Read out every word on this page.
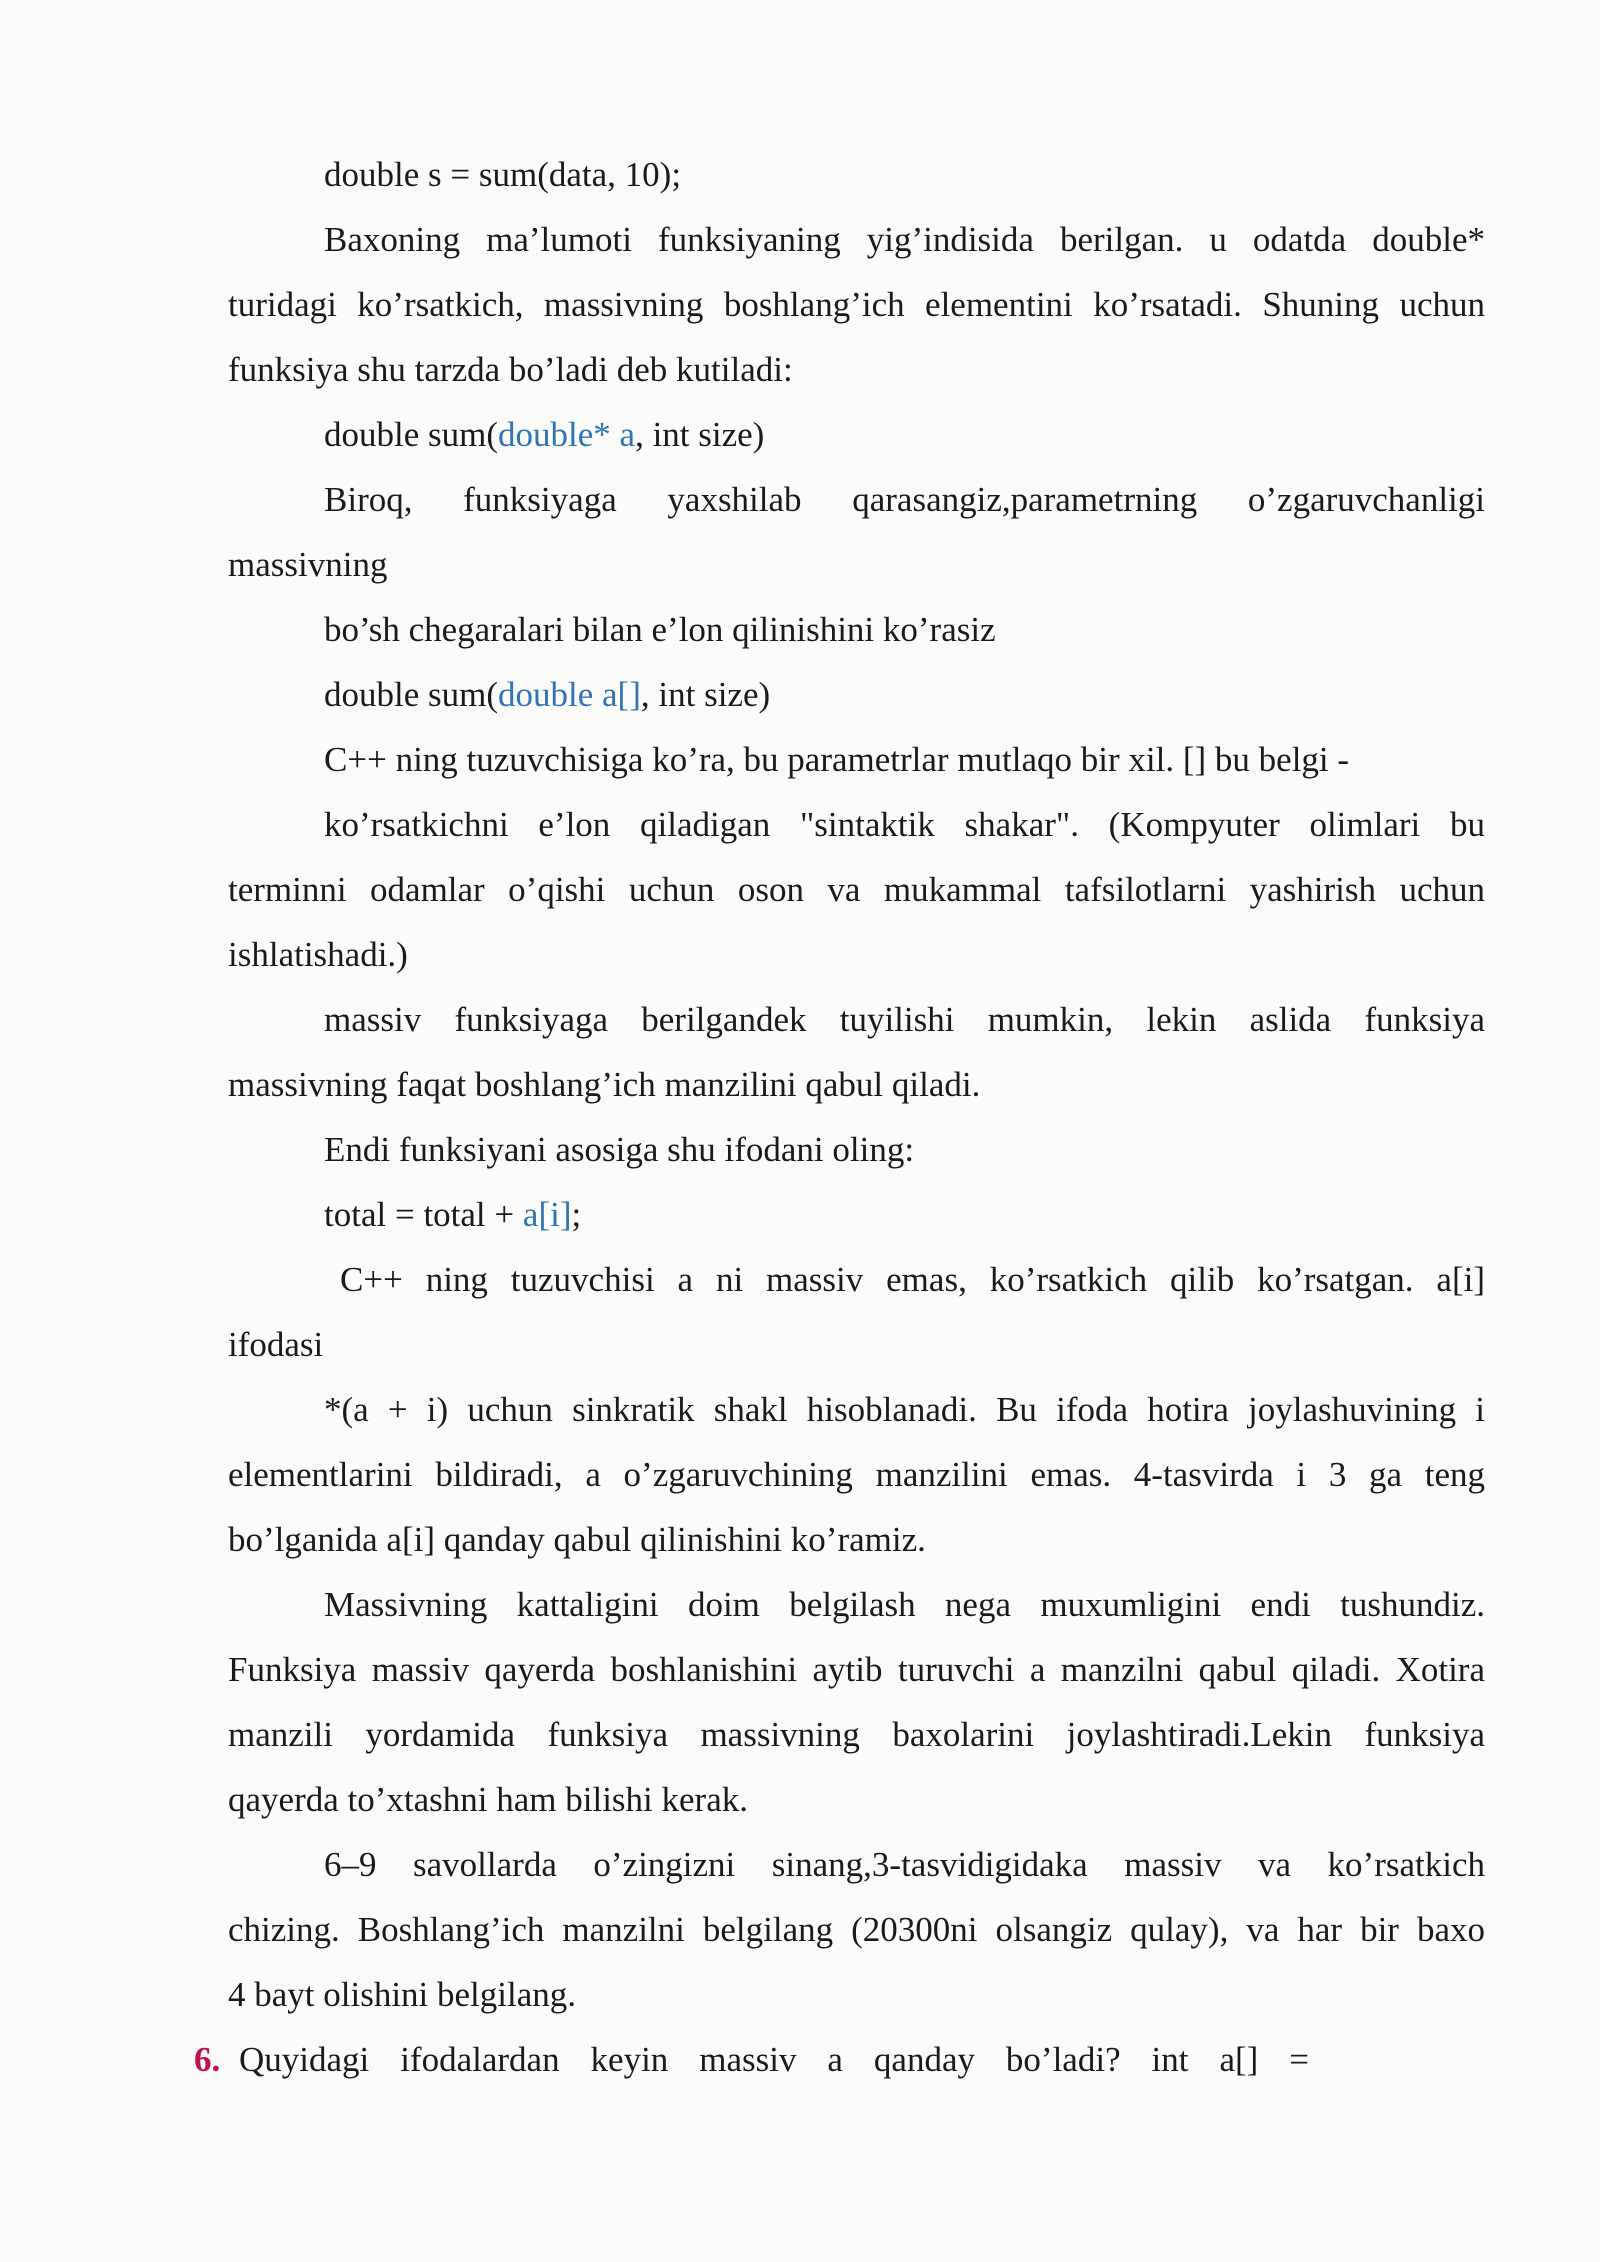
double s = sum(data, 10);
Baxoning ma’lumoti funksiyaning yig’indisida berilgan. u odatda double*
turidagi ko’rsatkich, massivning boshlang’ich elementini ko’rsatadi. Shuning uchun
funksiya shu tarzda bo’ladi deb kutiladi:
double sum(double* a, int size)
Biroq, funksiyaga yaxshilab qarasangiz,parametrning o’zgaruvchanligi
massivning
bo’sh chegaralari bilan e’lon qilinishini ko’rasiz
double sum(double a[], int size)
C++ ning tuzuvchisiga ko’ra, bu parametrlar mutlaqo bir xil. [] bu belgi -
ko’rsatkichni e’lon qiladigan "sintaktik shakar". (Kompyuter olimlari bu
terminni odamlar o’qishi uchun oson va mukammal tafsilotlarni yashirish uchun
ishlatishadi.)
massiv funksiyaga berilgandek tuyilishi mumkin, lekin aslida funksiya
massivning faqat boshlang’ich manzilini qabul qiladi.
Endi funksiyani asosiga shu ifodani oling:
total = total + a[i];
C++ ning tuzuvchisi a ni massiv emas, ko’rsatkich qilib ko’rsatgan. a[i]
ifodasi
*(a + i) uchun sinkratik shakl hisoblanadi. Bu ifoda hotira joylashuvining i
elementlarini bildiradi, a o’zgaruvchining manzilini emas. 4-tasvirda i 3 ga teng
bo’lganida a[i] qanday qabul qilinishini ko’ramiz.
Massivning kattaligini doim belgilash nega muxumligini endi tushundiz.
Funksiya massiv qayerda boshlanishini aytib turuvchi a manzilni qabul qiladi. Xotira
manzili yordamida funksiya massivning baxolarini joylashtiradi.Lekin funksiya
qayerda to’xtashni ham bilishi kerak.
6–9 savollarda o’zingizni sinang,3-tasvidigidaka massiv va ko’rsatkich
chizing. Boshlang’ich manzilni belgilang (20300ni olsangiz qulay), va har bir baxo
4 bayt olishini belgilang.
6. Quyidagi ifodalardan keyin massiv a qanday bo’ladi? int a[] =
